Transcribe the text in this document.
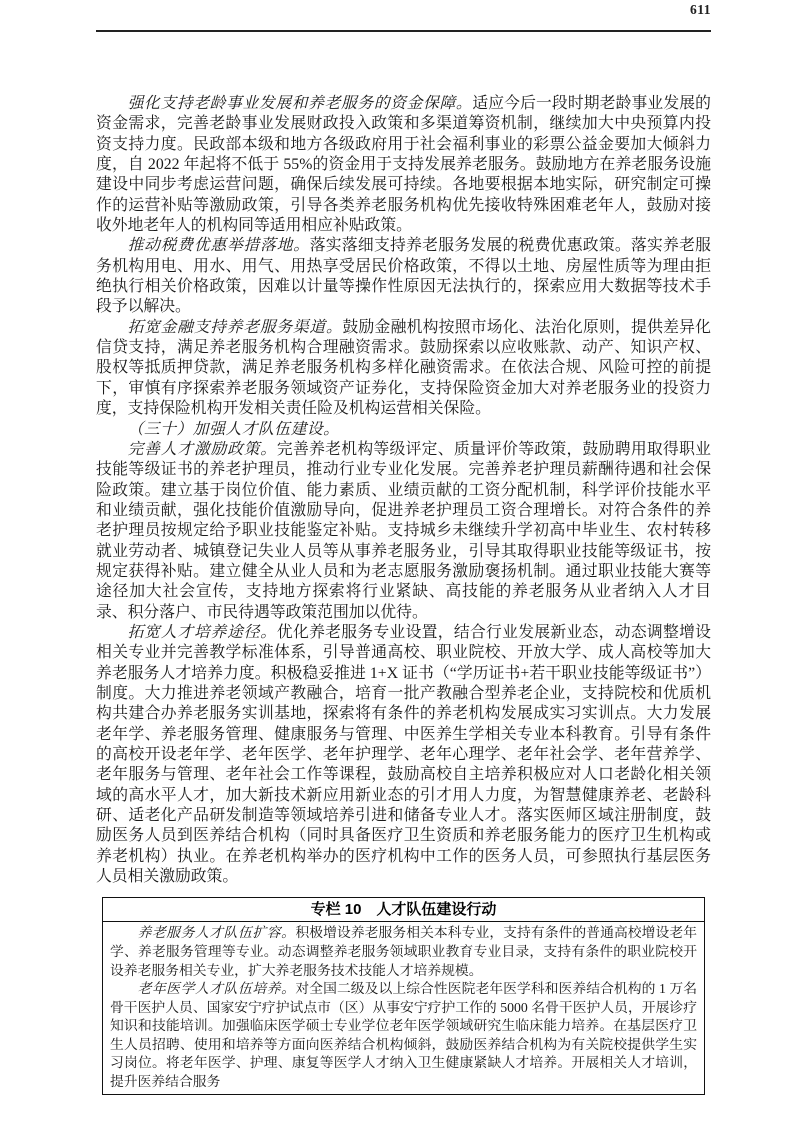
611

强化支持老龄事业发展和养老服务的资金保障。适应今后一段时期老龄事业发展的资金需求，完善老龄事业发展财政投入政策和多渠道筹资机制，继续加大中央预算内投资支持力度。民政部本级和地方各级政府用于社会福利事业的彩票公益金要加大倾斜力度，自 2022 年起将不低于 55%的资金用于支持发展养老服务。鼓励地方在养老服务设施建设中同步考虑运营问题，确保后续发展可持续。各地要根据本地实际，研究制定可操作的运营补贴等激励政策，引导各类养老服务机构优先接收特殊困难老年人，鼓励对接收外地老年人的机构同等适用相应补贴政策。

推动税费优惠举措落地。落实落细支持养老服务发展的税费优惠政策。落实养老服务机构用电、用水、用气、用热享受居民价格政策，不得以土地、房屋性质等为理由拒绝执行相关价格政策，因难以计量等操作性原因无法执行的，探索应用大数据等技术手段予以解决。

拓宽金融支持养老服务渠道。鼓励金融机构按照市场化、法治化原则，提供差异化信贷支持，满足养老服务机构合理融资需求。鼓励探索以应收账款、动产、知识产权、股权等抵质押贷款，满足养老服务机构多样化融资需求。在依法合规、风险可控的前提下，审慎有序探索养老服务领域资产证券化，支持保险资金加大对养老服务业的投资力度，支持保险机构开发相关责任险及机构运营相关保险。

（三十）加强人才队伍建设。

完善人才激励政策。完善养老机构等级评定、质量评价等政策，鼓励聘用取得职业技能等级证书的养老护理员，推动行业专业化发展。完善养老护理员薪酬待遇和社会保险政策。建立基于岗位价值、能力素质、业绩贡献的工资分配机制，科学评价技能水平和业绩贡献，强化技能价值激励导向，促进养老护理员工资合理增长。对符合条件的养老护理员按规定给予职业技能鉴定补贴。支持城乡未继续升学初高中毕业生、农村转移就业劳动者、城镇登记失业人员等从事养老服务业，引导其取得职业技能等级证书，按规定获得补贴。建立健全从业人员和为老志愿服务激励褒扬机制。通过职业技能大赛等途径加大社会宣传，支持地方探索将行业紧缺、高技能的养老服务从业者纳入人才目录、积分落户、市民待遇等政策范围加以优待。

拓宽人才培养途径。优化养老服务专业设置，结合行业发展新业态，动态调整增设相关专业并完善教学标准体系，引导普通高校、职业院校、开放大学、成人高校等加大养老服务人才培养力度。积极稳妥推进 1+X 证书（“学历证书+若干职业技能等级证书”）制度。大力推进养老领域产教融合，培育一批产教融合型养老企业，支持院校和优质机构共建合办养老服务实训基地，探索将有条件的养老机构发展成实习实训点。大力发展老年学、养老服务管理、健康服务与管理、中医养生学相关专业本科教育。引导有条件的高校开设老年学、老年医学、老年护理学、老年心理学、老年社会学、老年营养学、老年服务与管理、老年社会工作等课程，鼓励高校自主培养积极应对人口老龄化相关领域的高水平人才，加大新技术新应用新业态的引才用人力度，为智慧健康养老、老龄科研、适老化产品研发制造等领域培养引进和储备专业人才。落实医师区域注册制度，鼓励医务人员到医养结合机构（同时具备医疗卫生资质和养老服务能力的医疗卫生机构或养老机构）执业。在养老机构举办的医疗机构中工作的医务人员，可参照执行基层医务人员相关激励政策。

专栏 10　人才队伍建设行动

养老服务人才队伍扩容。积极增设养老服务相关本科专业，支持有条件的普通高校增设老年学、养老服务管理等专业。动态调整养老服务领域职业教育专业目录，支持有条件的职业院校开设养老服务相关专业，扩大养老服务技术技能人才培养规模。

老年医学人才队伍培养。对全国二级及以上综合性医院老年医学科和医养结合机构的 1 万名骨干医护人员、国家安宁疗护试点市（区）从事安宁疗护工作的 5000 名骨干医护人员，开展诊疗知识和技能培训。加强临床医学硕士专业学位老年医学领域研究生临床能力培养。在基层医疗卫生人员招聘、使用和培养等方面向医养结合机构倾斜，鼓励医养结合机构为有关院校提供学生实习岗位。将老年医学、护理、康复等医学人才纳入卫生健康紧缺人才培养。开展相关人才培训，提升医养结合服务
